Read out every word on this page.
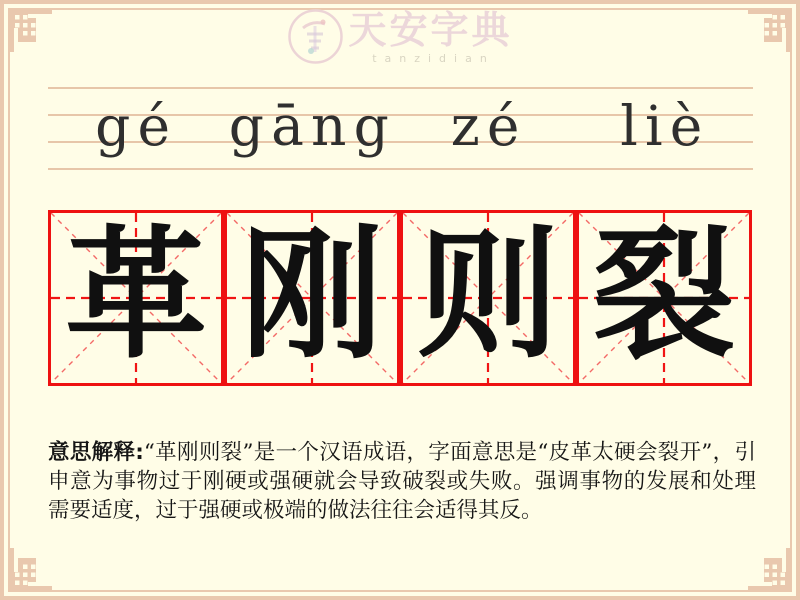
天安字典
tanzidian
gé gāng zé	liè
革 刚 则 裂

意思解释:“革刚则裂”是一个汉语成语，字面意思是“皮革太硬会裂开”，引申意为事物过于刚硬或强硬就会导致破裂或失败。强调事物的发展和处理需要适度，过于强硬或极端的做法往往会适得其反。
